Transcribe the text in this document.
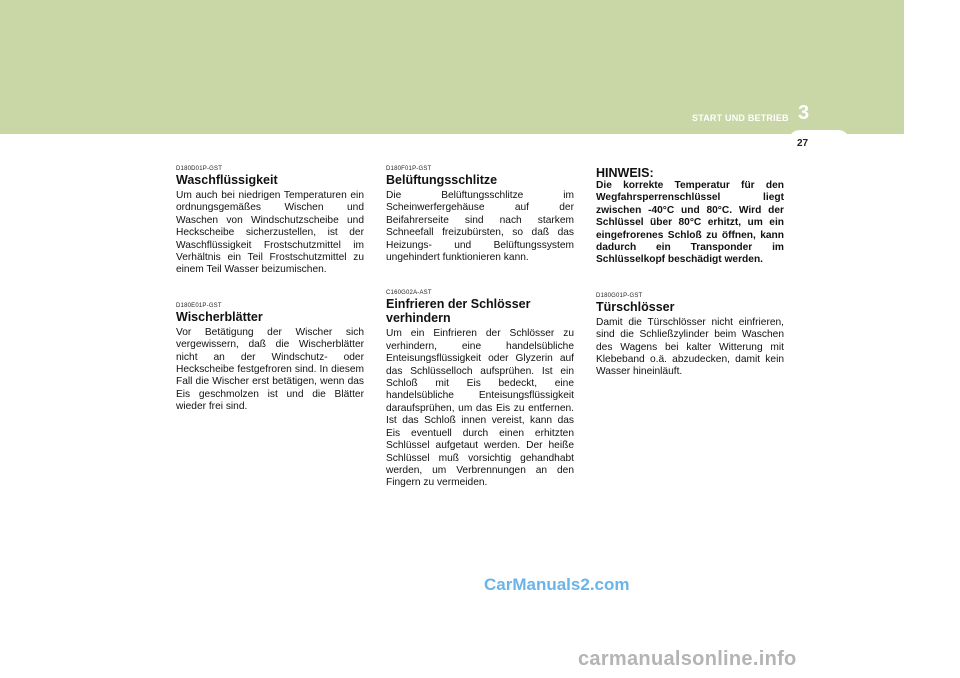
START UND BETRIEB 3
27

D180D01P-GST

Waschflüssigkeit

Um auch bei niedrigen Temperaturen ein ordnungsgemäßes Wischen und Waschen von Windschutzscheibe und Heckscheibe sicherzustellen, ist der Waschflüssigkeit Frostschutzmittel im Verhältnis ein Teil Frostschutzmittel zu einem Teil Wasser beizumischen.

D180E01P-GST

Wischerblätter

Vor Betätigung der Wischer sich vergewissern, daß die Wischerblätter nicht an der Windschutz- oder Heckscheibe festgefroren sind. In diesem Fall die Wischer erst betätigen, wenn das Eis geschmolzen ist und die Blätter wieder frei sind.

D180F01P-GST

Belüftungsschlitze

Die Belüftungsschlitze im Scheinwerfergehäuse auf der Beifahrerseite sind nach starkem Schneefall freizubürsten, so daß das Heizungs- und Belüftungssystem ungehindert funktionieren kann.

C160G02A-AST

Einfrieren der Schlösser verhindern

Um ein Einfrieren der Schlösser zu verhindern, eine handelsübliche Enteisungsflüssigkeit oder Glyzerin auf das Schlüsselloch aufsprühen. Ist ein Schloß mit Eis bedeckt, eine handelsübliche Enteisungsflüssigkeit daraufsprühen, um das Eis zu entfernen. Ist das Schloß innen vereist, kann das Eis eventuell durch einen erhitzten Schlüssel aufgetaut werden. Der heiße Schlüssel muß vorsichtig gehandhabt werden, um Verbrennungen an den Fingern zu vermeiden.

HINWEIS:

Die korrekte Temperatur für den Wegfahrsperrenschlüssel liegt zwischen -40°C und 80°C. Wird der Schlüssel über 80°C erhitzt, um ein eingefrorenes Schloß zu öffnen, kann dadurch ein Transponder im Schlüsselkopf beschädigt werden.

D180G01P-GST

Türschlösser

Damit die Türschlösser nicht einfrieren, sind die Schließzylinder beim Waschen des Wagens bei kalter Witterung mit Klebeband o.ä. abzudecken, damit kein Wasser hineinläuft.

CarManuals2.com
carmanualsonline.info
